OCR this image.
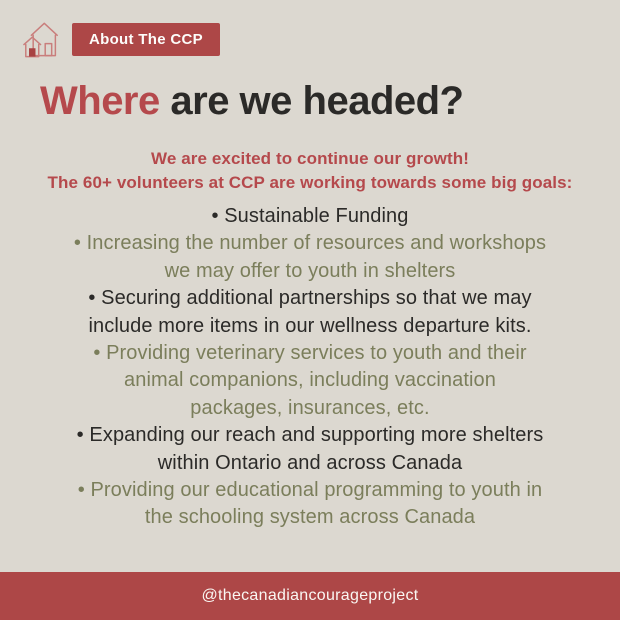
About The CCP
Where are we headed?
We are excited to continue our growth!
The 60+ volunteers at CCP are working towards some big goals:
• Sustainable Funding
• Increasing the number of resources and workshops
we may offer to youth in shelters
• Securing additional partnerships so that we may
include more items in our wellness departure kits.
• Providing veterinary services to youth and their
animal companions, including vaccination
packages, insurances, etc.
• Expanding our reach and supporting more shelters
within Ontario and across Canada
• Providing our educational programming to youth in
the schooling system across Canada
@thecanadiancourageproject
